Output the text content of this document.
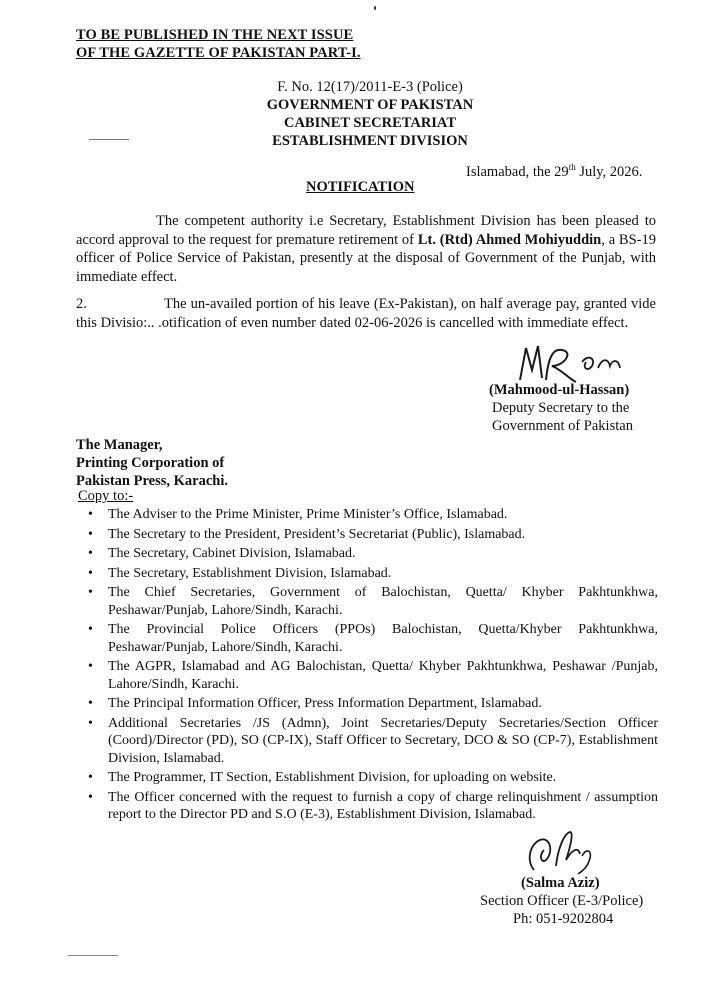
TO BE PUBLISHED IN THE NEXT ISSUE
OF THE GAZETTE OF PAKISTAN PART-I.
F. No. 12(17)/2011-E-3 (Police)
GOVERNMENT OF PAKISTAN
CABINET SECRETARIAT
ESTABLISHMENT DIVISION
Islamabad, the 29th July, 2026.
NOTIFICATION
The competent authority i.e Secretary, Establishment Division has been pleased to accord approval to the request for premature retirement of Lt. (Rtd) Ahmed Mohiyuddin, a BS-19 officer of Police Service of Pakistan, presently at the disposal of Government of the Punjab, with immediate effect.
2.	The un-availed portion of his leave (Ex-Pakistan), on half average pay, granted vide this Divisio:.. .otification of even number dated 02-06-2026 is cancelled with immediate effect.
(Mahmood-ul-Hassan)
Deputy Secretary to the
Government of Pakistan
The Manager,
Printing Corporation of
Pakistan Press, Karachi.
Copy to:-
• The Adviser to the Prime Minister, Prime Minister’s Office, Islamabad.
• The Secretary to the President, President’s Secretariat (Public), Islamabad.
• The Secretary, Cabinet Division, Islamabad.
• The Secretary, Establishment Division, Islamabad.
• The Chief Secretaries, Government of Balochistan, Quetta/ Khyber Pakhtunkhwa, Peshawar/Punjab, Lahore/Sindh, Karachi.
• The Provincial Police Officers (PPOs) Balochistan, Quetta/Khyber Pakhtunkhwa, Peshawar/Punjab, Lahore/Sindh, Karachi.
• The AGPR, Islamabad and AG Balochistan, Quetta/ Khyber Pakhtunkhwa, Peshawar /Punjab, Lahore/Sindh, Karachi.
• The Principal Information Officer, Press Information Department, Islamabad.
• Additional Secretaries /JS (Admn), Joint Secretaries/Deputy Secretaries/Section Officer (Coord)/Director (PD), SO (CP-IX), Staff Officer to Secretary, DCO & SO (CP-7), Establishment Division, Islamabad.
• The Programmer, IT Section, Establishment Division, for uploading on website.
• The Officer concerned with the request to furnish a copy of charge relinquishment / assumption report to the Director PD and S.O (E-3), Establishment Division, Islamabad.
(Salma Aziz)
Section Officer (E-3/Police)
Ph: 051-9202804
